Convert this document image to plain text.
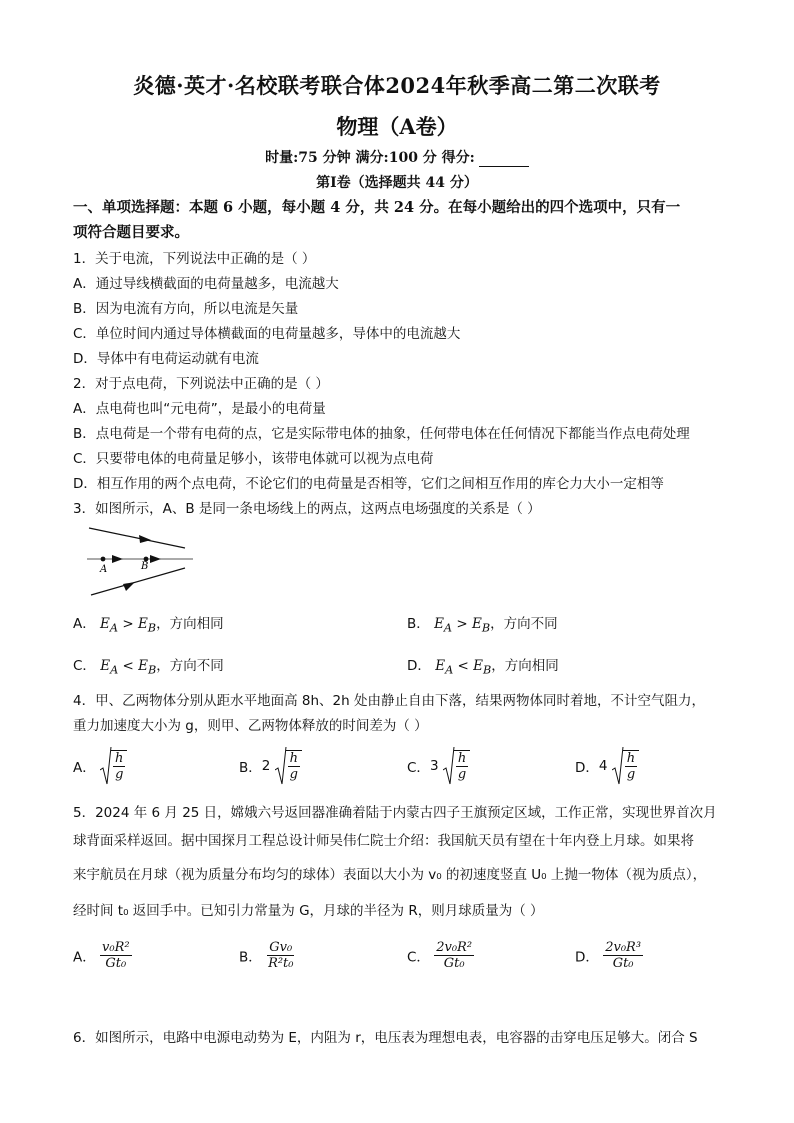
炎德·英才·名校联考联合体2024年秋季高二第二次联考
物理（A卷）
时量:75 分钟 满分:100 分 得分:
第Ⅰ卷（选择题共 44 分）
一、单项选择题：本题 6 小题，每小题 4 分，共 24 分。在每小题给出的四个选项中，只有一
项符合题目要求。
1．关于电流，下列说法中正确的是（ ）
A．通过导线横截面的电荷量越多，电流越大
B．因为电流有方向，所以电流是矢量
C．单位时间内通过导体横截面的电荷量越多，导体中的电流越大
D．导体中有电荷运动就有电流
2．对于点电荷，下列说法中正确的是（ ）
A．点电荷也叫“元电荷”，是最小的电荷量
B．点电荷是一个带有电荷的点，它是实际带电体的抽象，任何带电体在任何情况下都能当作点电荷处理
C．只要带电体的电荷量足够小，该带电体就可以视为点电荷
D．相互作用的两个点电荷，不论它们的电荷量是否相等，它们之间相互作用的库仑力大小一定相等
3．如图所示，A、B 是同一条电场线上的两点，这两点电场强度的关系是（ ）
A	B
A． $E_A > E_B$，方向相同	B． $E_A > E_B$，方向不同
C． $E_A < E_B$，方向不同	D． $E_A < E_B$，方向相同
4．甲、乙两物体分别从距水平地面高 8h、2h 处由静止自由下落，结果两物体同时着地，不计空气阻力，
重力加速度大小为 g，则甲、乙两物体释放的时间差为（ ）
A． $\frac{h}{g}$	B．$2 \frac{h}{g}$	C．$3 \frac{h}{g}$	D．$4 \frac{h}{g}$
5．2024 年 6 月 25 日，嫦娥六号返回器准确着陆于内蒙古四子王旗预定区域，工作正常，实现世界首次月
球背面采样返回。据中国探月工程总设计师吴伟仁院士介绍：我国航天员有望在十年内登上月球。如果将
来宇航员在月球（视为质量分布均匀的球体）表面以大小为 v₀ 的初速度竖直 U₀ 上抛一物体（视为质点），
经时间 t₀ 返回手中。已知引力常量为 G，月球的半径为 R，则月球质量为（ ）
A． $\frac{\text{v₀R²}}{\text{Gt₀}}$	B． $\frac{\text{Gv₀}}{\text{R²t₀}}$	C． $\frac{\text{2v₀R²}}{\text{Gt₀}}$	D． $\frac{\text{2v₀R³}}{\text{Gt₀}}$
6．如图所示，电路中电源电动势为 E，内阻为 r，电压表为理想电表，电容器的击穿电压足够大。闭合 S
